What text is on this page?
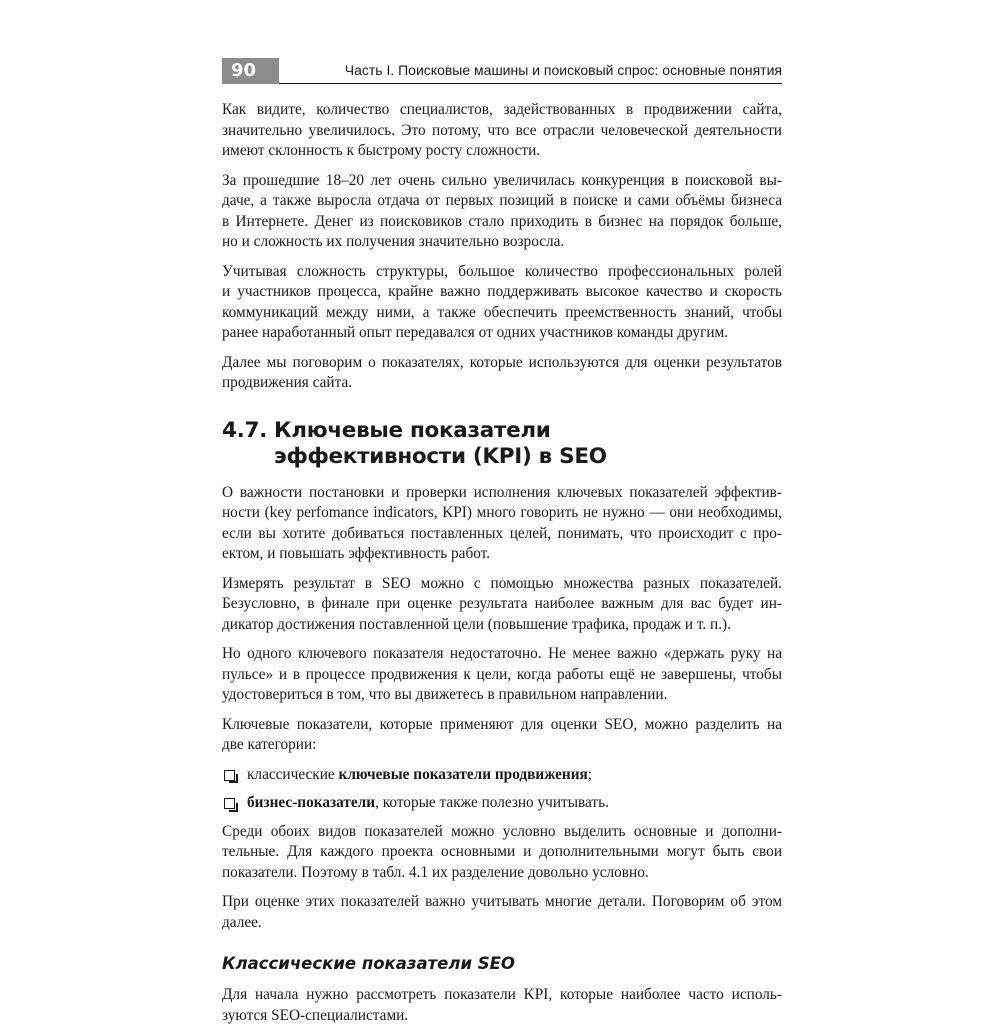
90	Часть I. Поисковые машины и поисковый спрос: основные понятия

Как видите, количество специалистов, задействованных в продвижении сайта,
значительно увеличилось. Это потому, что все отрасли человеческой деятельности
имеют склонность к быстрому росту сложности.

За прошедшие 18–20 лет очень сильно увеличилась конкуренция в поисковой вы-
даче, а также выросла отдача от первых позиций в поиске и сами объёмы бизнеса
в Интернете. Денег из поисковиков стало приходить в бизнес на порядок больше,
но и сложность их получения значительно возросла.

Учитывая сложность структуры, большое количество профессиональных ролей
и участников процесса, крайне важно поддерживать высокое качество и скорость
коммуникаций между ними, а также обеспечить преемственность знаний, чтобы
ранее наработанный опыт передавался от одних участников команды другим.

Далее мы поговорим о показателях, которые используются для оценки результатов
продвижения сайта.

4.7. Ключевые показатели
эффективности (KPI) в SEO

О важности постановки и проверки исполнения ключевых показателей эффектив-
ности (key perfomance indicators, KPI) много говорить не нужно — они необходимы,
если вы хотите добиваться поставленных целей, понимать, что происходит с про-
ектом, и повышать эффективность работ.

Измерять результат в SEO можно с помощью множества разных показателей.
Безусловно, в финале при оценке результата наиболее важным для вас будет ин-
дикатор достижения поставленной цели (повышение трафика, продаж и т. п.).

Но одного ключевого показателя недостаточно. Не менее важно «держать руку на
пульсе» и в процессе продвижения к цели, когда работы ещё не завершены, чтобы
удостовериться в том, что вы движетесь в правильном направлении.

Ключевые показатели, которые применяют для оценки SEO, можно разделить на
две категории:

классические ключевые показатели продвижения;
бизнес-показатели, которые также полезно учитывать.

Среди обоих видов показателей можно условно выделить основные и дополни-
тельные. Для каждого проекта основными и дополнительными могут быть свои
показатели. Поэтому в табл. 4.1 их разделение довольно условно.

При оценке этих показателей важно учитывать многие детали. Поговорим об этом
далее.

Классические показатели SEO

Для начала нужно рассмотреть показатели KPI, которые наиболее часто исполь-
зуются SEO-специалистами.
